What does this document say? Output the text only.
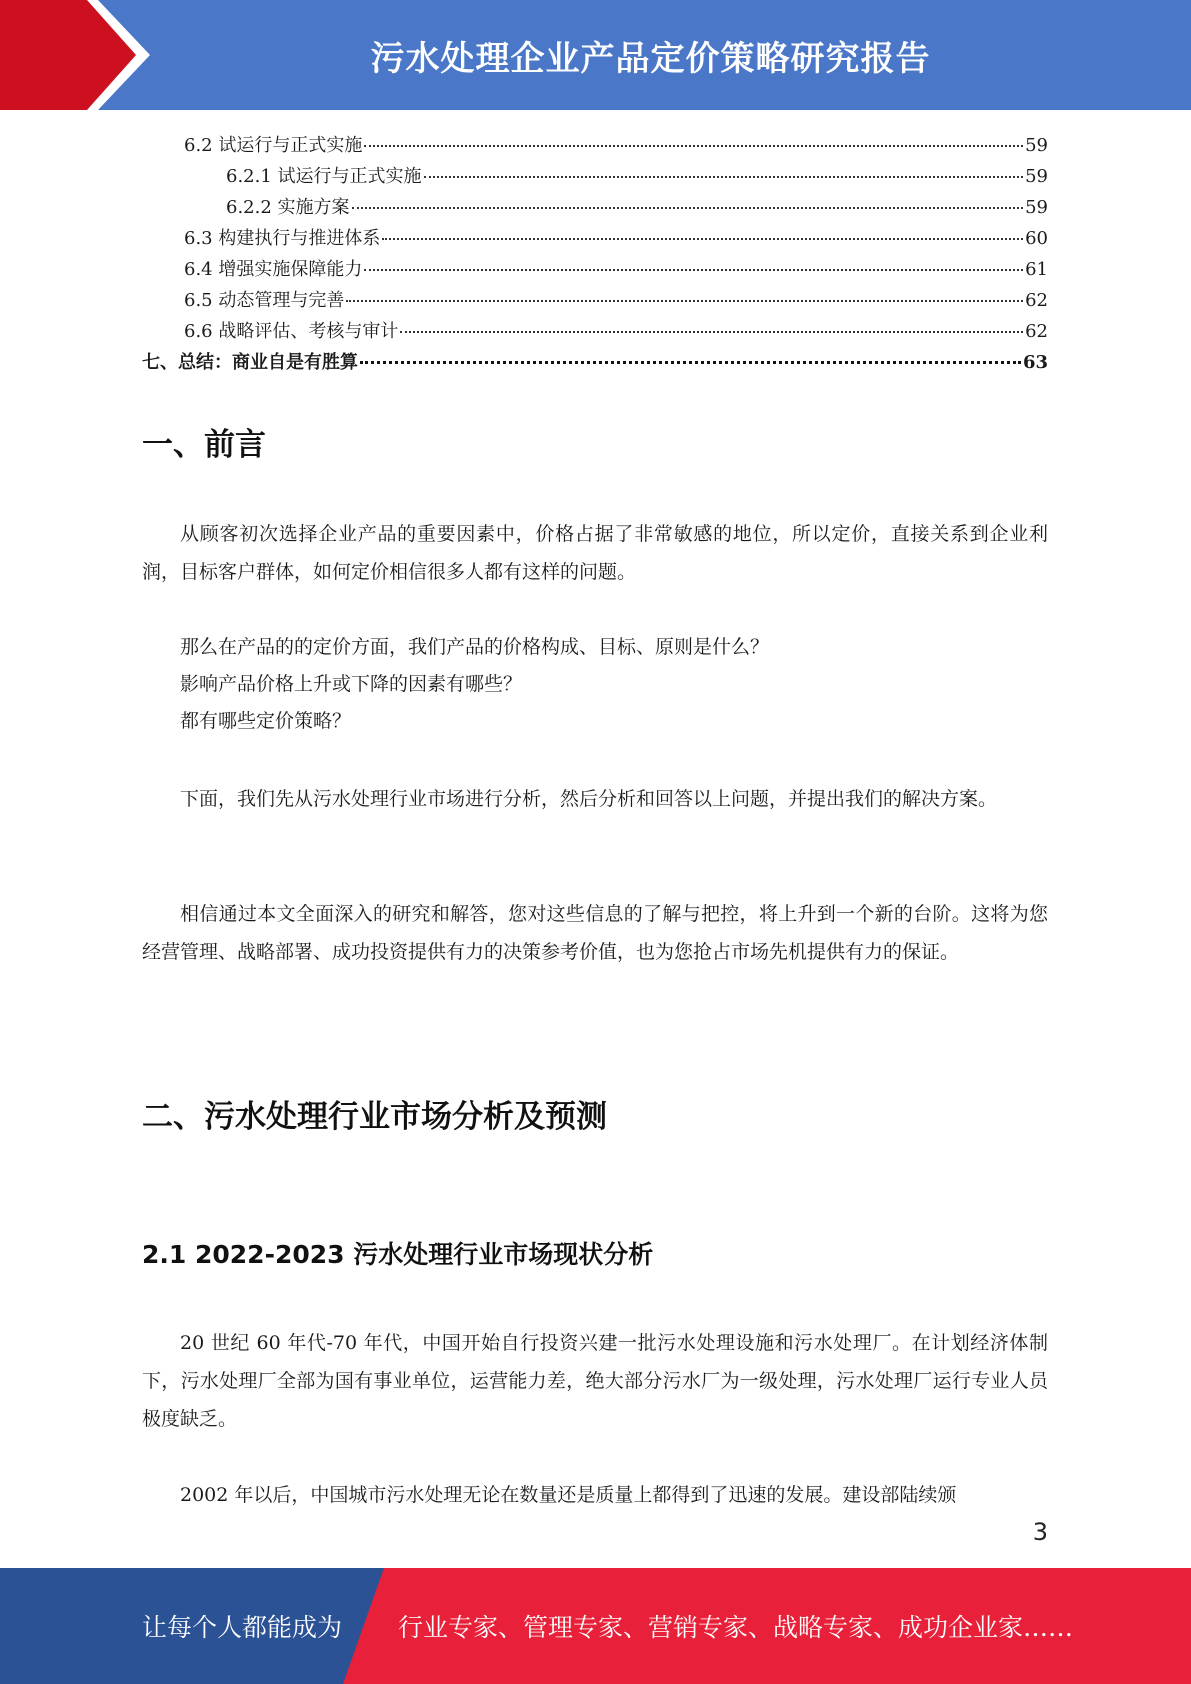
污水处理企业产品定价策略研究报告
6.2 试运行与正式实施	59
6.2.1 试运行与正式实施	59
6.2.2 实施方案	59
6.3 构建执行与推进体系	60
6.4 增强实施保障能力	61
6.5 动态管理与完善	62
6.6 战略评估、考核与审计	62
七、总结：商业自是有胜算	63
一、前言

从顾客初次选择企业产品的重要因素中，价格占据了非常敏感的地位，所以定价，直接关系到企业利润，目标客户群体，如何定价相信很多人都有这样的问题。

那么在产品的的定价方面，我们产品的价格构成、目标、原则是什么？

影响产品价格上升或下降的因素有哪些？

都有哪些定价策略？

下面，我们先从污水处理行业市场进行分析，然后分析和回答以上问题，并提出我们的解决方案。

相信通过本文全面深入的研究和解答，您对这些信息的了解与把控，将上升到一个新的台阶。这将为您经营管理、战略部署、成功投资提供有力的决策参考价值，也为您抢占市场先机提供有力的保证。

二、污水处理行业市场分析及预测
2.1 2022-2023 污水处理行业市场现状分析

20 世纪 60 年代-70 年代，中国开始自行投资兴建一批污水处理设施和污水处理厂。在计划经济体制下，污水处理厂全部为国有事业单位，运营能力差，绝大部分污水厂为一级处理，污水处理厂运行专业人员极度缺乏。

2002 年以后，中国城市污水处理无论在数量还是质量上都得到了迅速的发展。建设部陆续颁

3
让每个人都能成为 行业专家、管理专家、营销专家、战略专家、成功企业家……
